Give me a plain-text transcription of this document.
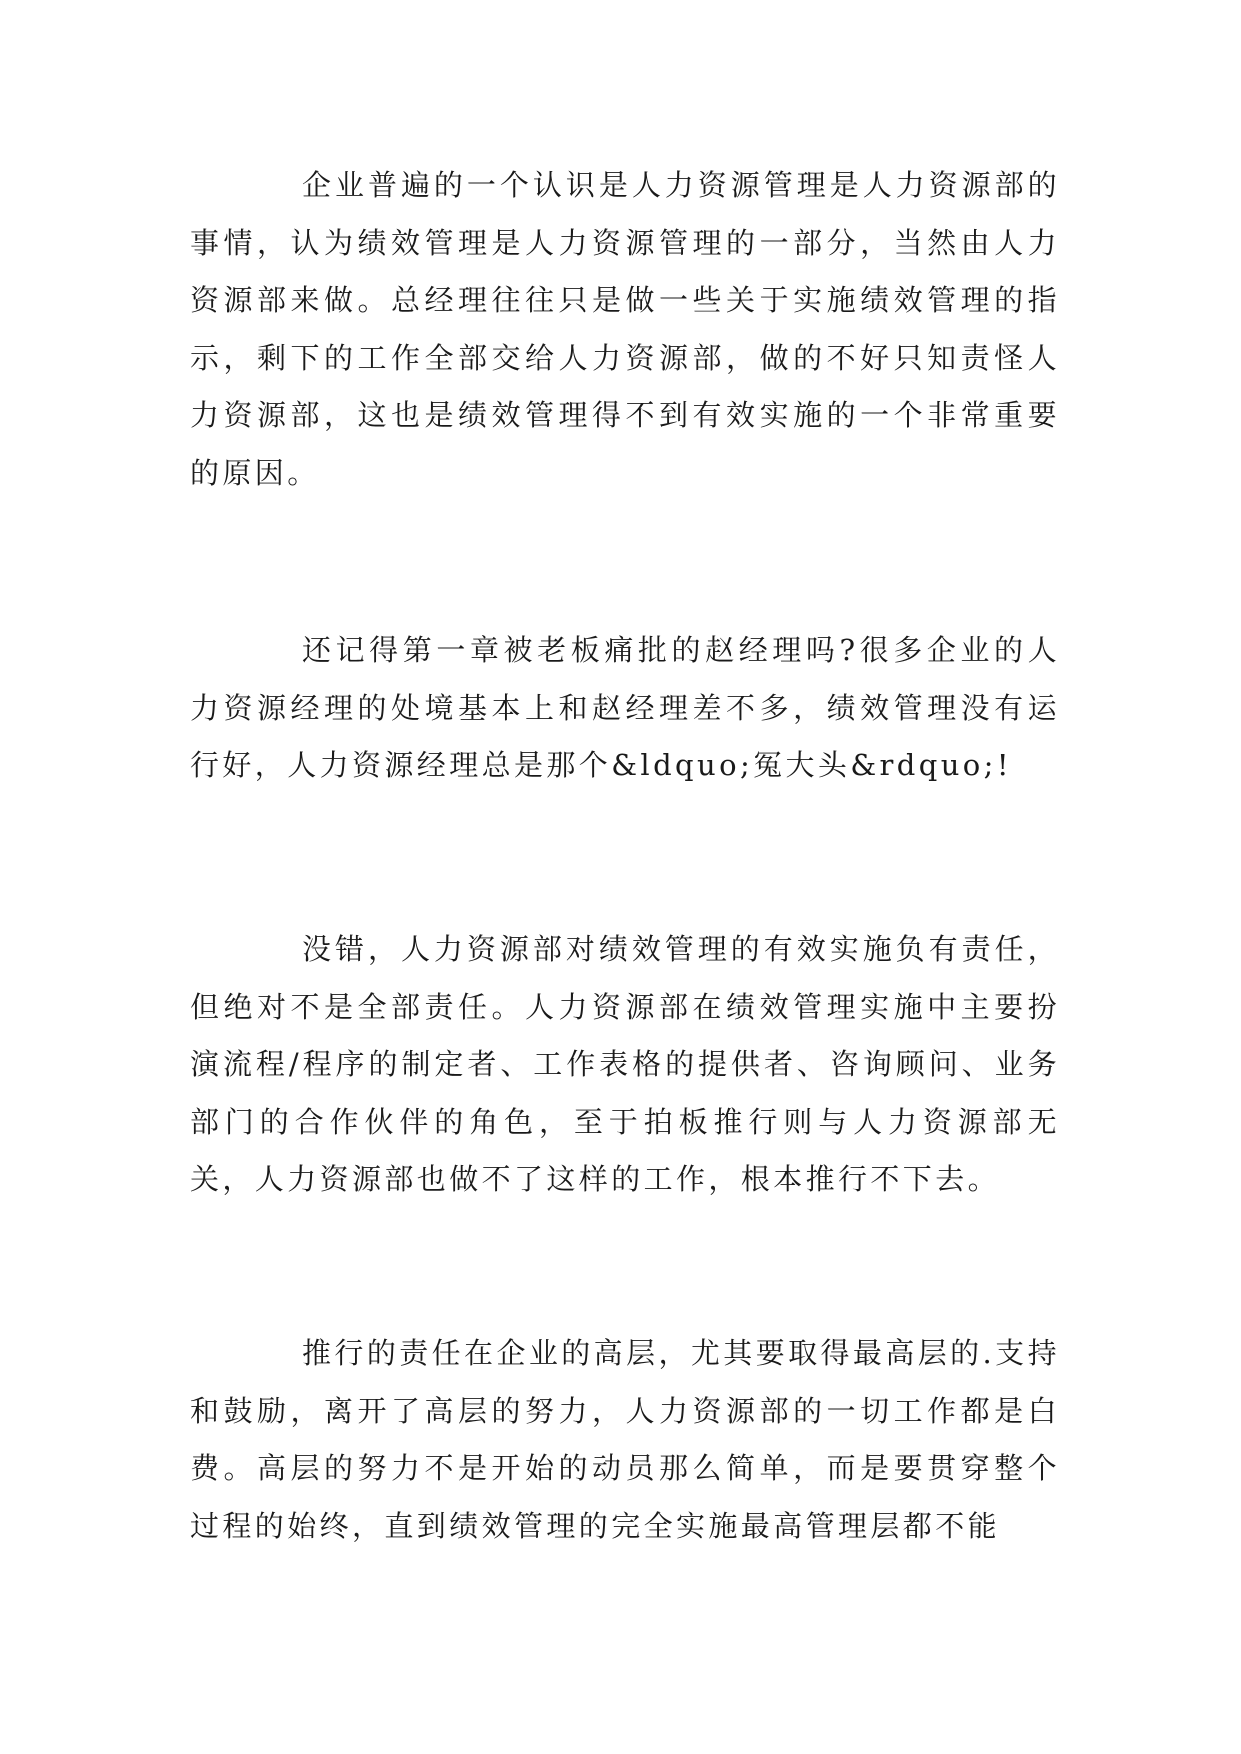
企业普遍的一个认识是人力资源管理是人力资源部的事情，认为绩效管理是人力资源管理的一部分，当然由人力资源部来做。总经理往往只是做一些关于实施绩效管理的指示，剩下的工作全部交给人力资源部，做的不好只知责怪人力资源部，这也是绩效管理得不到有效实施的一个非常重要的原因。

还记得第一章被老板痛批的赵经理吗?很多企业的人力资源经理的处境基本上和赵经理差不多，绩效管理没有运行好，人力资源经理总是那个&ldquo;冤大头&rdquo;!

没错，人力资源部对绩效管理的有效实施负有责任，但绝对不是全部责任。人力资源部在绩效管理实施中主要扮演流程/程序的制定者、工作表格的提供者、咨询顾问、业务部门的合作伙伴的角色，至于拍板推行则与人力资源部无关，人力资源部也做不了这样的工作，根本推行不下去。

推行的责任在企业的高层，尤其要取得最高层的.支持和鼓励，离开了高层的努力，人力资源部的一切工作都是白费。高层的努力不是开始的动员那么简单，而是要贯穿整个过程的始终，直到绩效管理的完全实施最高管理层都不能
